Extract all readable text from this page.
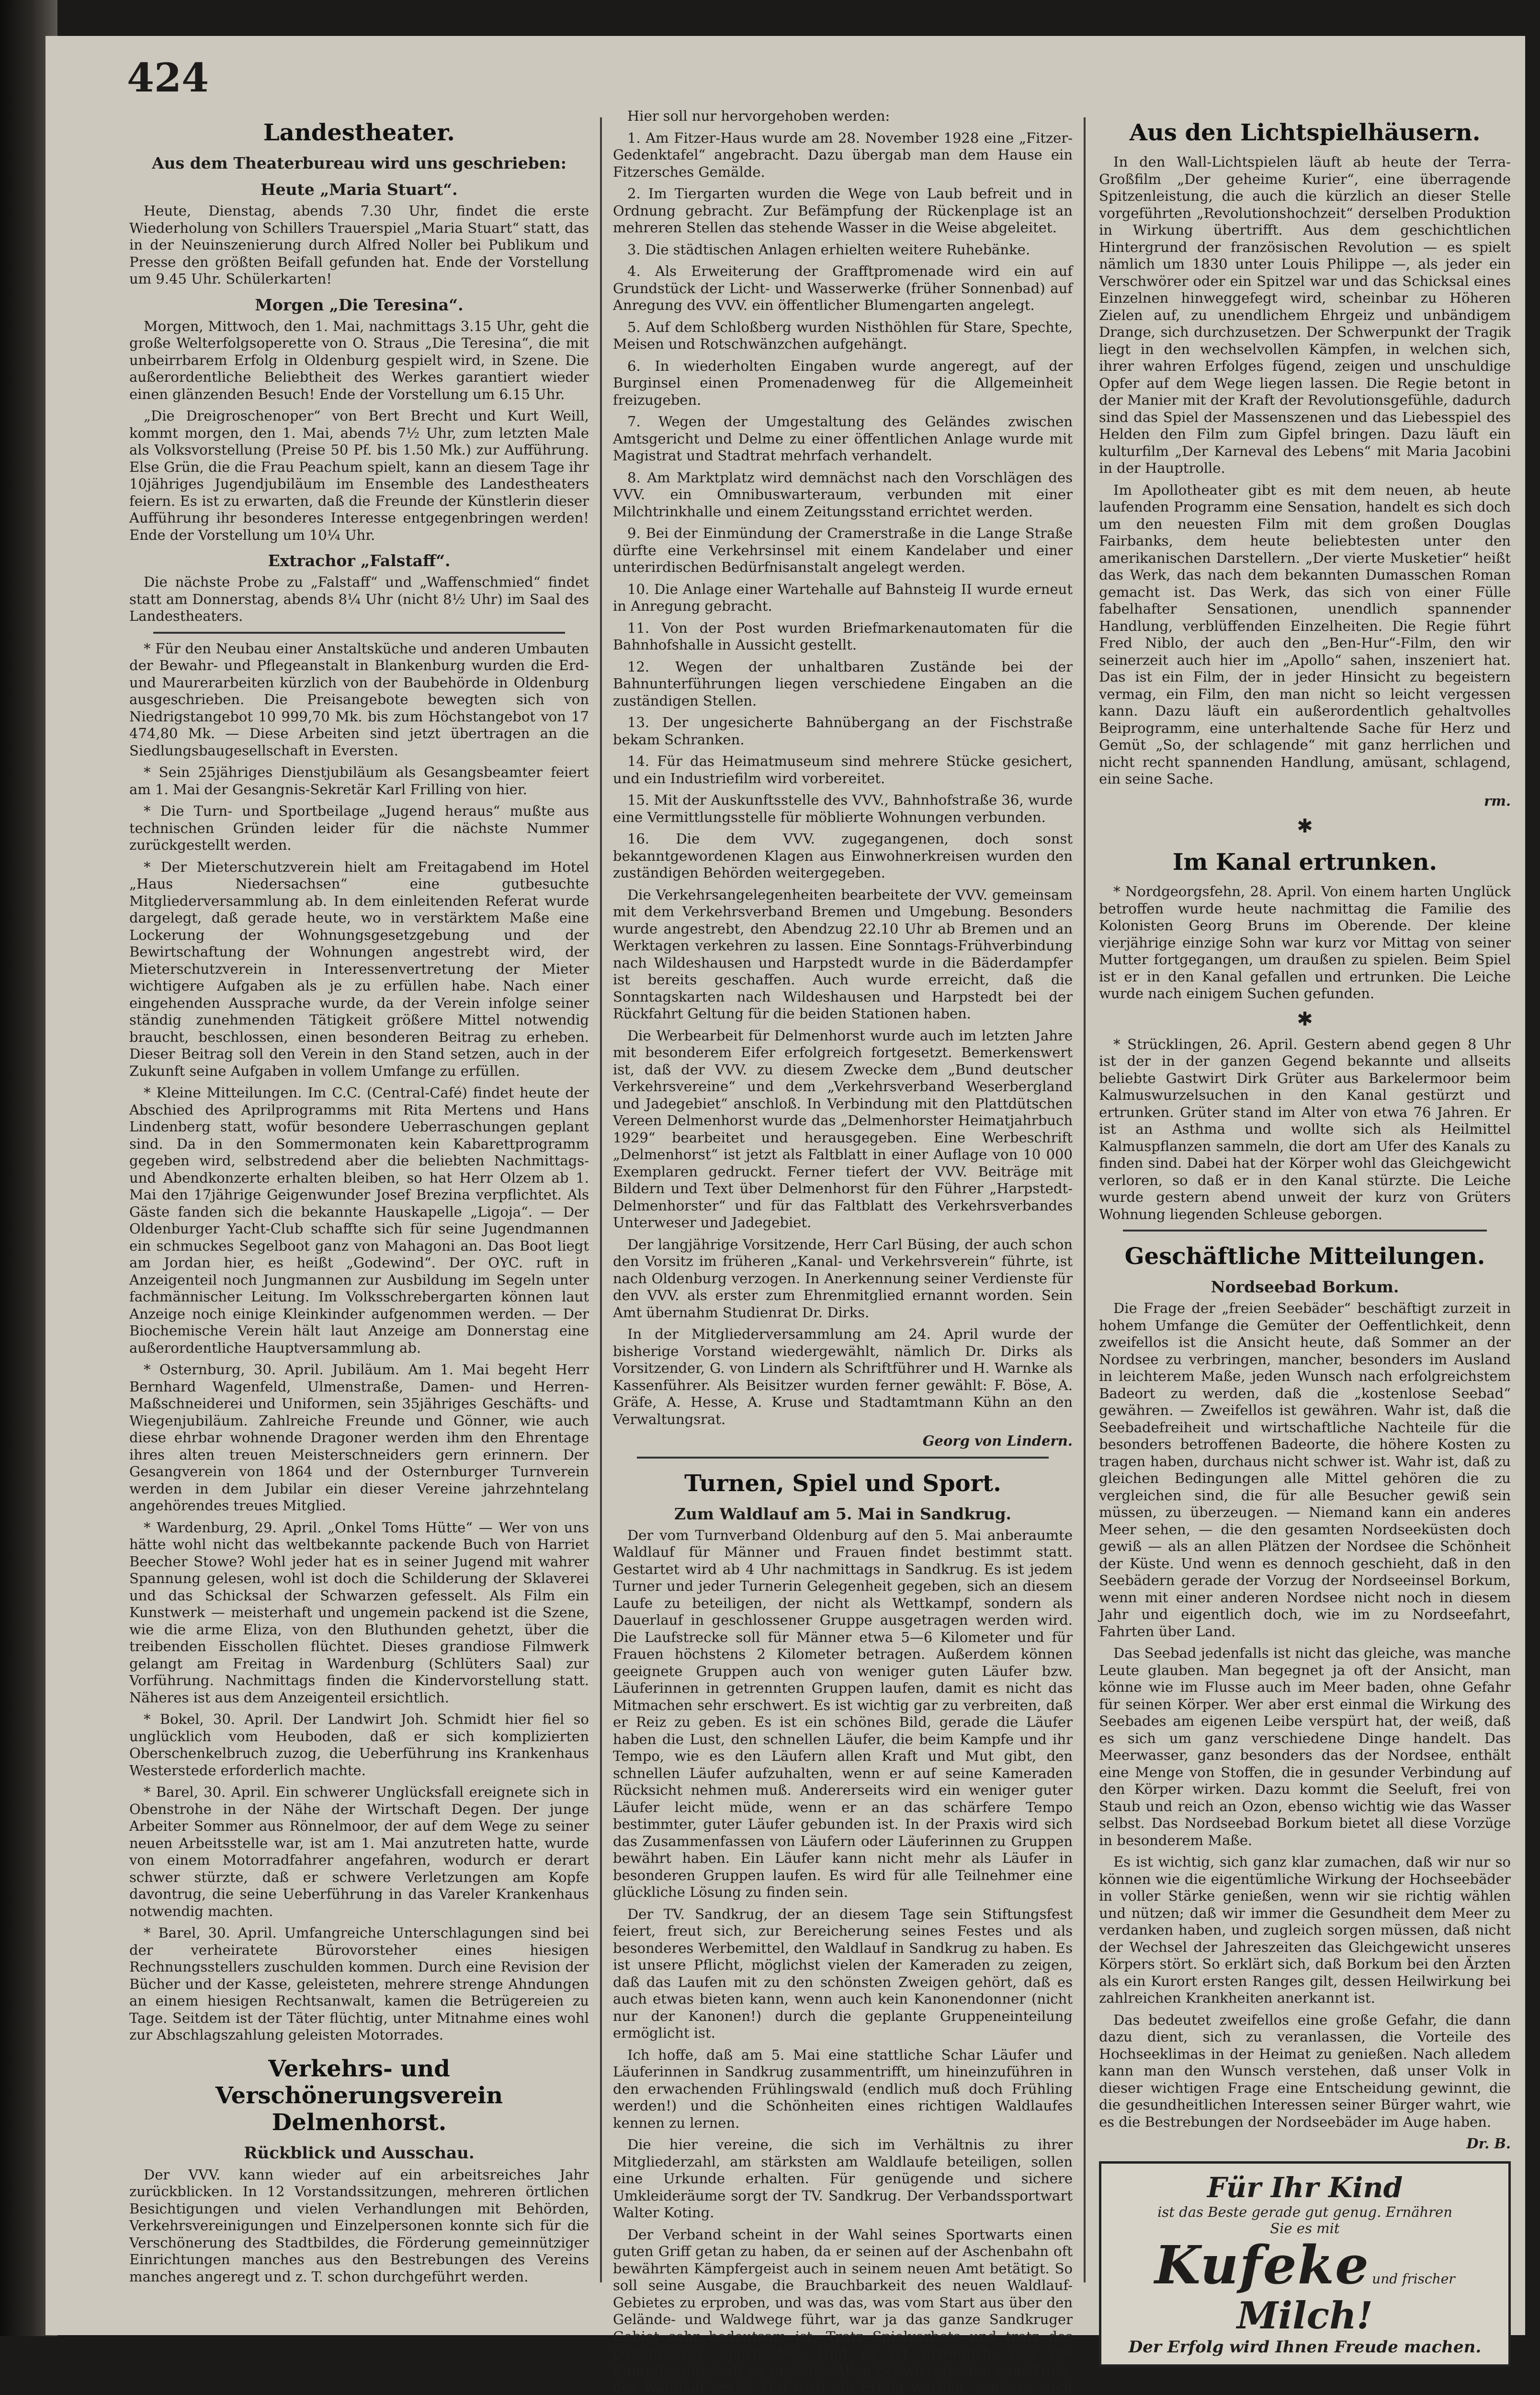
424
Landestheater.
Aus dem Theaterbureau wird uns geschrieben:
Heute „Maria Stuart“.

Heute, Dienstag, abends 7.30 Uhr, findet die erste Wiederholung von Schillers Trauerspiel „Maria Stuart“ statt, das in der Neuinszenierung durch Alfred Noller bei Publikum und Presse den größten Beifall gefunden hat. Ende der Vorstellung um 9.45 Uhr. Schülerkarten!

Morgen „Die Teresina“.

Morgen, Mittwoch, den 1. Mai, nachmittags 3.15 Uhr, geht die große Welterfolgsoperette von O. Straus „Die Teresina“, die mit unbeirrbarem Erfolg in Oldenburg gespielt wird, in Szene. Die außerordentliche Beliebtheit des Werkes garantiert wieder einen glänzenden Besuch! Ende der Vorstellung um 6.15 Uhr.

„Die Dreigroschenoper“ von Bert Brecht und Kurt Weill, kommt morgen, den 1. Mai, abends 7½ Uhr, zum letzten Male als Volksvorstellung (Preise 50 Pf. bis 1.50 Mk.) zur Aufführung. Else Grün, die die Frau Peachum spielt, kann an diesem Tage ihr 10jähriges Jugendjubiläum im Ensemble des Landestheaters feiern. Es ist zu erwarten, daß die Freunde der Künstlerin dieser Aufführung ihr besonderes Interesse entgegenbringen werden! Ende der Vorstellung um 10¼ Uhr.

Extrachor „Falstaff“.

Die nächste Probe zu „Falstaff“ und „Waffenschmied“ findet statt am Donnerstag, abends 8¼ Uhr (nicht 8½ Uhr) im Saal des Landestheaters.

* Für den Neubau einer Anstaltsküche und anderen Umbauten der Bewahr- und Pflegeanstalt in Blankenburg wurden die Erd- und Maurerarbeiten kürzlich von der Baubehörde in Oldenburg ausgeschrieben. Die Preisangebote bewegten sich von Niedrigstangebot 10 999,70 Mk. bis zum Höchstangebot von 17 474,80 Mk. — Diese Arbeiten sind jetzt übertragen an die Siedlungsbaugesellschaft in Eversten.

* Sein 25jähriges Dienstjubiläum als Gesangsbeamter feiert am 1. Mai der Gesangnis-Sekretär Karl Frilling von hier.

* Die Turn- und Sportbeilage „Jugend heraus“ mußte aus technischen Gründen leider für die nächste Nummer zurückgestellt werden.

* Der Mieterschutzverein hielt am Freitagabend im Hotel „Haus Niedersachsen“ eine gutbesuchte Mitgliederversammlung ab. In dem einleitenden Referat wurde dargelegt, daß gerade heute, wo in verstärktem Maße eine Lockerung der Wohnungsgesetzgebung und der Bewirtschaftung der Wohnungen angestrebt wird, der Mieterschutzverein in Interessenvertretung der Mieter wichtigere Aufgaben als je zu erfüllen habe. Nach einer eingehenden Aussprache wurde, da der Verein infolge seiner ständig zunehmenden Tätigkeit größere Mittel notwendig braucht, beschlossen, einen besonderen Beitrag zu erheben. Dieser Beitrag soll den Verein in den Stand setzen, auch in der Zukunft seine Aufgaben in vollem Umfange zu erfüllen.

* Kleine Mitteilungen. Im C.C. (Central-Café) findet heute der Abschied des Aprilprogramms mit Rita Mertens und Hans Lindenberg statt, wofür besondere Ueberraschungen geplant sind. Da in den Sommermonaten kein Kabarettprogramm gegeben wird, selbstredend aber die beliebten Nachmittags- und Abendkonzerte erhalten bleiben, so hat Herr Olzem ab 1. Mai den 17jährige Geigenwunder Josef Brezina verpflichtet. Als Gäste fanden sich die bekannte Hauskapelle „Ligoja“. — Der Oldenburger Yacht-Club schaffte sich für seine Jugendmannen ein schmuckes Segelboot ganz von Mahagoni an. Das Boot liegt am Jordan hier, es heißt „Godewind“. Der OYC. ruft in Anzeigenteil noch Jungmannen zur Ausbildung im Segeln unter fachmännischer Leitung. Im Volksschrebergarten können laut Anzeige noch einige Kleinkinder aufgenommen werden. — Der Biochemische Verein hält laut Anzeige am Donnerstag eine außerordentliche Hauptversammlung ab.

* Osternburg, 30. April. Jubiläum. Am 1. Mai begeht Herr Bernhard Wagenfeld, Ulmenstraße, Damen- und Herren-Maßschneiderei und Uniformen, sein 35jähriges Geschäfts- und Wiegenjubiläum. Zahlreiche Freunde und Gönner, wie auch diese ehrbar wohnende Dragoner werden ihm den Ehrentage ihres alten treuen Meisterschneiders gern erinnern. Der Gesangverein von 1864 und der Osternburger Turnverein werden in dem Jubilar ein dieser Vereine jahrzehntelang angehörendes treues Mitglied.

* Wardenburg, 29. April. „Onkel Toms Hütte“ — Wer von uns hätte wohl nicht das weltbekannte packende Buch von Harriet Beecher Stowe? Wohl jeder hat es in seiner Jugend mit wahrer Spannung gelesen, wohl ist doch die Schilderung der Sklaverei und das Schicksal der Schwarzen gefesselt. Als Film ein Kunstwerk — meisterhaft und ungemein packend ist die Szene, wie die arme Eliza, von den Bluthunden gehetzt, über die treibenden Eisschollen flüchtet. Dieses grandiose Filmwerk gelangt am Freitag in Wardenburg (Schlüters Saal) zur Vorführung. Nachmittags finden die Kindervorstellung statt. Näheres ist aus dem Anzeigenteil ersichtlich.

* Bokel, 30. April. Der Landwirt Joh. Schmidt hier fiel so unglücklich vom Heuboden, daß er sich komplizierten Oberschenkelbruch zuzog, die Ueberführung ins Krankenhaus Westerstede erforderlich machte.

* Barel, 30. April. Ein schwerer Unglücksfall ereignete sich in Obenstrohe in der Nähe der Wirtschaft Degen. Der junge Arbeiter Sommer aus Rönnelmoor, der auf dem Wege zu seiner neuen Arbeitsstelle war, ist am 1. Mai anzutreten hatte, wurde von einem Motorradfahrer angefahren, wodurch er derart schwer stürzte, daß er schwere Verletzungen am Kopfe davontrug, die seine Ueberführung in das Vareler Krankenhaus notwendig machten.

* Barel, 30. April. Umfangreiche Unterschlagungen sind bei der verheiratete Bürovorsteher eines hiesigen Rechnungsstellers zuschulden kommen. Durch eine Revision der Bücher und der Kasse, geleisteten, mehrere strenge Ahndungen an einem hiesigen Rechtsanwalt, kamen die Betrügereien zu Tage. Seitdem ist der Täter flüchtig, unter Mitnahme eines wohl zur Abschlagszahlung geleisten Motorrades.

Verkehrs- und Verschönerungsverein Delmenhorst.
Rückblick und Ausschau.

Der VVV. kann wieder auf ein arbeitsreiches Jahr zurückblicken. In 12 Vorstandssitzungen, mehreren örtlichen Besichtigungen und vielen Verhandlungen mit Behörden, Verkehrsvereinigungen und Einzelpersonen konnte sich für die Verschönerung des Stadtbildes, die Förderung gemeinnütziger Einrichtungen manches aus den Bestrebungen des Vereins manches angeregt und z. T. schon durchgeführt werden.

Hier soll nur hervorgehoben werden:

1. Am Fitzer-Haus wurde am 28. November 1928 eine „Fitzer-Gedenktafel“ angebracht. Dazu übergab man dem Hause ein Fitzersches Gemälde.

2. Im Tiergarten wurden die Wege von Laub befreit und in Ordnung gebracht. Zur Befämpfung der Rückenplage ist an mehreren Stellen das stehende Wasser in die Weise abgeleitet.

3. Die städtischen Anlagen erhielten weitere Ruhebänke.

4. Als Erweiterung der Grafftpromenade wird ein auf Grundstück der Licht- und Wasserwerke (früher Sonnenbad) auf Anregung des VVV. ein öffentlicher Blumengarten angelegt.

5. Auf dem Schloßberg wurden Nisthöhlen für Stare, Spechte, Meisen und Rotschwänzchen aufgehängt.

6. In wiederholten Eingaben wurde angeregt, auf der Burginsel einen Promenadenweg für die Allgemeinheit freizugeben.

7. Wegen der Umgestaltung des Geländes zwischen Amtsgericht und Delme zu einer öffentlichen Anlage wurde mit Magistrat und Stadtrat mehrfach verhandelt.

8. Am Marktplatz wird demnächst nach den Vorschlägen des VVV. ein Omnibuswarteraum, verbunden mit einer Milchtrinkhalle und einem Zeitungsstand errichtet werden.

9. Bei der Einmündung der Cramerstraße in die Lange Straße dürfte eine Verkehrsinsel mit einem Kandelaber und einer unterirdischen Bedürfnisanstalt angelegt werden.

10. Die Anlage einer Wartehalle auf Bahnsteig II wurde erneut in Anregung gebracht.

11. Von der Post wurden Briefmarkenautomaten für die Bahnhofshalle in Aussicht gestellt.

12. Wegen der unhaltbaren Zustände bei der Bahnunterführungen liegen verschiedene Eingaben an die zuständigen Stellen.

13. Der ungesicherte Bahnübergang an der Fischstraße bekam Schranken.

14. Für das Heimatmuseum sind mehrere Stücke gesichert, und ein Industriefilm wird vorbereitet.

15. Mit der Auskunftsstelle des VVV., Bahnhofstraße 36, wurde eine Vermittlungsstelle für möblierte Wohnungen verbunden.

16. Die dem VVV. zugegangenen, doch sonst bekanntgewordenen Klagen aus Einwohnerkreisen wurden den zuständigen Behörden weitergegeben.

Die Verkehrsangelegenheiten bearbeitete der VVV. gemeinsam mit dem Verkehrsverband Bremen und Umgebung. Besonders wurde angestrebt, den Abendzug 22.10 Uhr ab Bremen und an Werktagen verkehren zu lassen. Eine Sonntags-Frühverbindung nach Wildeshausen und Harpstedt wurde in die Bäderdampfer ist bereits geschaffen. Auch wurde erreicht, daß die Sonntagskarten nach Wildeshausen und Harpstedt bei der Rückfahrt Geltung für die beiden Stationen haben.

Die Werbearbeit für Delmenhorst wurde auch im letzten Jahre mit besonderem Eifer erfolgreich fortgesetzt. Bemerkenswert ist, daß der VVV. zu diesem Zwecke dem „Bund deutscher Verkehrsvereine“ und dem „Verkehrsverband Weserbergland und Jadegebiet“ anschloß. In Verbindung mit den Plattdütschen Vereen Delmenhorst wurde das „Delmenhorster Heimatjahrbuch 1929“ bearbeitet und herausgegeben. Eine Werbeschrift „Delmenhorst“ ist jetzt als Faltblatt in einer Auflage von 10 000 Exemplaren gedruckt. Ferner tiefert der VVV. Beiträge mit Bildern und Text über Delmenhorst für den Führer „Harpstedt-Delmenhorster“ und für das Faltblatt des Verkehrsverbandes Unterweser und Jadegebiet.

Der langjährige Vorsitzende, Herr Carl Büsing, der auch schon den Vorsitz im früheren „Kanal- und Verkehrsverein“ führte, ist nach Oldenburg verzogen. In Anerkennung seiner Verdienste für den VVV. als erster zum Ehrenmitglied ernannt worden. Sein Amt übernahm Studienrat Dr. Dirks.

In der Mitgliederversammlung am 24. April wurde der bisherige Vorstand wiedergewählt, nämlich Dr. Dirks als Vorsitzender, G. von Lindern als Schriftführer und H. Warnke als Kassenführer. Als Beisitzer wurden ferner gewählt: F. Böse, A. Gräfe, A. Hesse, A. Kruse und Stadtamtmann Kühn an den Verwaltungsrat.

Georg von Lindern.

Turnen, Spiel und Sport.
Zum Waldlauf am 5. Mai in Sandkrug.

Der vom Turnverband Oldenburg auf den 5. Mai anberaumte Waldlauf für Männer und Frauen findet bestimmt statt. Gestartet wird ab 4 Uhr nachmittags in Sandkrug. Es ist jedem Turner und jeder Turnerin Gelegenheit gegeben, sich an diesem Laufe zu beteiligen, der nicht als Wettkampf, sondern als Dauerlauf in geschlossener Gruppe ausgetragen werden wird. Die Laufstrecke soll für Männer etwa 5—6 Kilometer und für Frauen höchstens 2 Kilometer betragen. Außerdem können geeignete Gruppen auch von weniger guten Läufer bzw. Läuferinnen in getrennten Gruppen laufen, damit es nicht das Mitmachen sehr erschwert. Es ist wichtig gar zu verbreiten, daß er Reiz zu geben. Es ist ein schönes Bild, gerade die Läufer haben die Lust, den schnellen Läufer, die beim Kampfe und ihr Tempo, wie es den Läufern allen Kraft und Mut gibt, den schnellen Läufer aufzuhalten, wenn er auf seine Kameraden Rücksicht nehmen muß. Andererseits wird ein weniger guter Läufer leicht müde, wenn er an das schärfere Tempo bestimmter, guter Läufer gebunden ist. In der Praxis wird sich das Zusammenfassen von Läufern oder Läuferinnen zu Gruppen bewährt haben. Ein Läufer kann nicht mehr als Läufer in besonderen Gruppen laufen. Es wird für alle Teilnehmer eine glückliche Lösung zu finden sein.

Der TV. Sandkrug, der an diesem Tage sein Stiftungsfest feiert, freut sich, zur Bereicherung seines Festes und als besonderes Werbemittel, den Waldlauf in Sandkrug zu haben. Es ist unsere Pflicht, möglichst vielen der Kameraden zu zeigen, daß das Laufen mit zu den schönsten Zweigen gehört, daß es auch etwas bieten kann, wenn auch kein Kanonendonner (nicht nur der Kanonen!) durch die geplante Gruppeneinteilung ermöglicht ist.

Ich hoffe, daß am 5. Mai eine stattliche Schar Läufer und Läuferinnen in Sandkrug zusammentrifft, um hineinzuführen in den erwachenden Frühlingswald (endlich muß doch Frühling werden!) und die Schönheiten eines richtigen Waldlaufes kennen zu lernen.

Die hier vereine, die sich im Verhältnis zu ihrer Mitgliederzahl, am stärksten am Waldlaufe beteiligen, sollen eine Urkunde erhalten. Für genügende und sichere Umkleideräume sorgt der TV. Sandkrug. Der Verbandssportwart Walter Koting.

Der Verband scheint in der Wahl seines Sportwarts einen guten Griff getan zu haben, da er seinen auf der Aschenbahn oft bewährten Kämpfergeist auch in seinem neuen Amt betätigt. So soll seine Ausgabe, die Brauchbarkeit des neuen Waldlauf-Gebietes zu erproben, und was das, was vom Start aus über den Gelände- und Waldwege führt, war ja das ganze Sandkruger Gebiet sehr bedeutsam ist. Trotz Spielverbots und trotz des Osnabrücker Sportfestes. Und es ist erfreulich, daß die Kampfbereitschaft so groß ist. Allen Schwierigkeiten zum Trotz, der Waldlauf am 5. Mai wird ein Erfolg werden, sondern auch

Aus den Lichtspielhäusern.

In den Wall-Lichtspielen läuft ab heute der Terra-Großfilm „Der geheime Kurier“, eine überragende Spitzenleistung, die auch die kürzlich an dieser Stelle vorgeführten „Revolutionshochzeit“ derselben Produktion in Wirkung übertrifft. Aus dem geschichtlichen Hintergrund der französischen Revolution — es spielt nämlich um 1830 unter Louis Philippe —, als jeder ein Verschwörer oder ein Spitzel war und das Schicksal eines Einzelnen hinweggefegt wird, scheinbar zu Höheren Zielen auf, zu unendlichem Ehrgeiz und unbändigem Drange, sich durchzusetzen. Der Schwerpunkt der Tragik liegt in den wechselvollen Kämpfen, in welchen sich, ihrer wahren Erfolges fügend, zeigen und unschuldige Opfer auf dem Wege liegen lassen. Die Regie betont in der Manier mit der Kraft der Revolutionsgefühle, dadurch sind das Spiel der Massenszenen und das Liebesspiel des Helden den Film zum Gipfel bringen. Dazu läuft ein kulturfilm „Der Karneval des Lebens“ mit Maria Jacobini in der Hauptrolle.

Im Apollotheater gibt es mit dem neuen, ab heute laufenden Programm eine Sensation, handelt es sich doch um den neuesten Film mit dem großen Douglas Fairbanks, dem heute beliebtesten unter den amerikanischen Darstellern. „Der vierte Musketier“ heißt das Werk, das nach dem bekannten Dumasschen Roman gemacht ist. Das Werk, das sich von einer Fülle fabelhafter Sensationen, unendlich spannender Handlung, verblüffenden Einzelheiten. Die Regie führt Fred Niblo, der auch den „Ben-Hur“-Film, den wir seinerzeit auch hier im „Apollo“ sahen, inszeniert hat. Das ist ein Film, der in jeder Hinsicht zu begeistern vermag, ein Film, den man nicht so leicht vergessen kann. Dazu läuft ein außerordentlich gehaltvolles Beiprogramm, eine unterhaltende Sache für Herz und Gemüt „So, der schlagende“ mit ganz herrlichen und nicht recht spannenden Handlung, amüsant, schlagend, ein seine Sache.

rm.

✱
Im Kanal ertrunken.

* Nordgeorgsfehn, 28. April. Von einem harten Unglück betroffen wurde heute nachmittag die Familie des Kolonisten Georg Bruns im Oberende. Der kleine vierjährige einzige Sohn war kurz vor Mittag von seiner Mutter fortgegangen, um draußen zu spielen. Beim Spiel ist er in den Kanal gefallen und ertrunken. Die Leiche wurde nach einigem Suchen gefunden.

✱

* Strücklingen, 26. April. Gestern abend gegen 8 Uhr ist der in der ganzen Gegend bekannte und allseits beliebte Gastwirt Dirk Grüter aus Barkelermoor beim Kalmuswurzelsuchen in den Kanal gestürzt und ertrunken. Grüter stand im Alter von etwa 76 Jahren. Er ist an Asthma und wollte sich als Heilmittel Kalmuspflanzen sammeln, die dort am Ufer des Kanals zu finden sind. Dabei hat der Körper wohl das Gleichgewicht verloren, so daß er in den Kanal stürzte. Die Leiche wurde gestern abend unweit der kurz von Grüters Wohnung liegenden Schleuse geborgen.

Geschäftliche Mitteilungen.
Nordseebad Borkum.

Die Frage der „freien Seebäder“ beschäftigt zurzeit in hohem Umfange die Gemüter der Oeffentlichkeit, denn zweifellos ist die Ansicht heute, daß Sommer an der Nordsee zu verbringen, mancher, besonders im Ausland in leichterem Maße, jeden Wunsch nach erfolgreichstem Badeort zu werden, daß die „kostenlose Seebad“ gewähren. — Zweifellos ist gewähren. Wahr ist, daß die Seebadefreiheit und wirtschaftliche Nachteile für die besonders betroffenen Badeorte, die höhere Kosten zu tragen haben, durchaus nicht schwer ist. Wahr ist, daß zu gleichen Bedingungen alle Mittel gehören die zu vergleichen sind, die für alle Besucher gewiß sein müssen, zu überzeugen. — Niemand kann ein anderes Meer sehen, — die den gesamten Nordseeküsten doch gewiß — als an allen Plätzen der Nordsee die Schönheit der Küste. Und wenn es dennoch geschieht, daß in den Seebädern gerade der Vorzug der Nordseeinsel Borkum, wenn mit einer anderen Nordsee nicht noch in diesem Jahr und eigentlich doch, wie im zu Nordseefahrt, Fahrten über Land.

Das Seebad jedenfalls ist nicht das gleiche, was manche Leute glauben. Man begegnet ja oft der Ansicht, man könne wie im Flusse auch im Meer baden, ohne Gefahr für seinen Körper. Wer aber erst einmal die Wirkung des Seebades am eigenen Leibe verspürt hat, der weiß, daß es sich um ganz verschiedene Dinge handelt. Das Meerwasser, ganz besonders das der Nordsee, enthält eine Menge von Stoffen, die in gesunder Verbindung auf den Körper wirken. Dazu kommt die Seeluft, frei von Staub und reich an Ozon, ebenso wichtig wie das Wasser selbst. Das Nordseebad Borkum bietet all diese Vorzüge in besonderem Maße.

Es ist wichtig, sich ganz klar zumachen, daß wir nur so können wie die eigentümliche Wirkung der Hochseebäder in voller Stärke genießen, wenn wir sie richtig wählen und nützen; daß wir immer die Gesundheit dem Meer zu verdanken haben, und zugleich sorgen müssen, daß nicht der Wechsel der Jahreszeiten das Gleichgewicht unseres Körpers stört. So erklärt sich, daß Borkum bei den Ärzten als ein Kurort ersten Ranges gilt, dessen Heilwirkung bei zahlreichen Krankheiten anerkannt ist.

Das bedeutet zweifellos eine große Gefahr, die dann dazu dient, sich zu veranlassen, die Vorteile des Hochseeklimas in der Heimat zu genießen. Nach alledem kann man den Wunsch verstehen, daß unser Volk in dieser wichtigen Frage eine Entscheidung gewinnt, die die gesundheitlichen Interessen seiner Bürger wahrt, wie es die Bestrebungen der Nordseebäder im Auge haben.

Dr. B.

Für Ihr Kind
ist das Beste gerade gut genug. Ernähren
Sie es mit
Kufeke und frischer Milch!
Der Erfolg wird Ihnen Freude machen.
